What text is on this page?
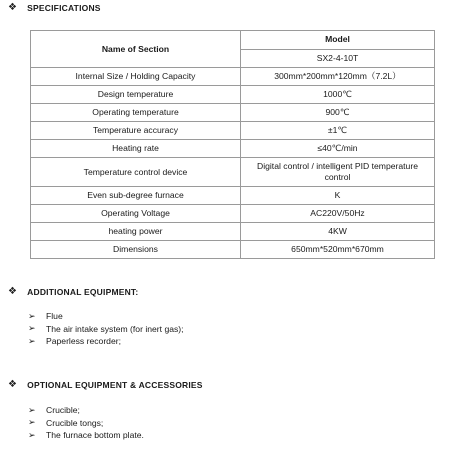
❖ SPECIFICATIONS
Name of Section	Model
	SX2-4-10T
Internal Size / Holding Capacity	300mm*200mm*120mm（7.2L）
Design temperature	1000℃
Operating temperature	900℃
Temperature accuracy	±1℃
Heating rate	≤40℃/min
Temperature control device	Digital control / intelligent PID temperature control
Even sub-degree furnace	K
Operating Voltage	AC220V/50Hz
heating power	4KW
Dimensions	650mm*520mm*670mm
❖ ADDITIONAL EQUIPMENT:
➢	Flue
➢	The air intake system (for inert gas);
➢	Paperless recorder;
❖ OPTIONAL EQUIPMENT & ACCESSORIES
➢	Crucible;
➢	Crucible tongs;
➢	The furnace bottom plate.
